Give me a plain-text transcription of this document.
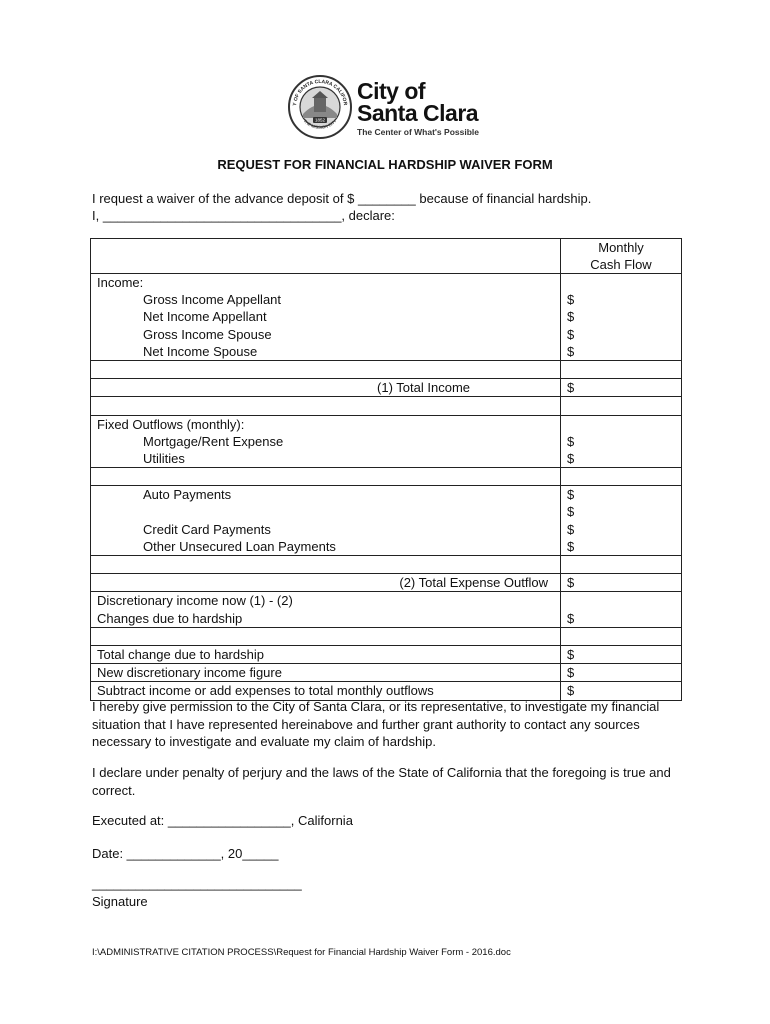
1852
Y OF SANTA CLARA CALIFOR
THE MISSION CITY
City of
Santa Clara
The Center of What's Possible
REQUEST FOR FINANCIAL HARDSHIP WAIVER FORM
I request a waiver of the advance deposit of $ ________ because of financial hardship.
I, _________________________________, declare:
	Monthly
Cash Flow
Income:	
Gross Income Appellant	$
Net Income Appellant	$
Gross Income Spouse	$
Net Income Spouse	$

(1) Total Income	$

Fixed Outflows (monthly):	
Mortgage/Rent Expense	$
Utilities	$

Auto Payments	$
	$
Credit Card Payments	$
Other Unsecured Loan Payments	$

(2) Total Expense Outflow	$
Discretionary income now (1) - (2)	
Changes due to hardship	$

Total change due to hardship	$
New discretionary income figure	$
Subtract income or add expenses to total monthly outflows	$
I hereby give permission to the City of Santa Clara, or its representative, to investigate my financial situation that I have represented hereinabove and further grant authority to contact any sources necessary to investigate and evaluate my claim of hardship.
I declare under penalty of perjury and the laws of the State of California that the foregoing is true and correct.
Executed at: _________________, California
Date: _____________, 20_____
_____________________________
Signature
I:\ADMINISTRATIVE CITATION PROCESS\Request for Financial Hardship Waiver Form - 2016.doc
